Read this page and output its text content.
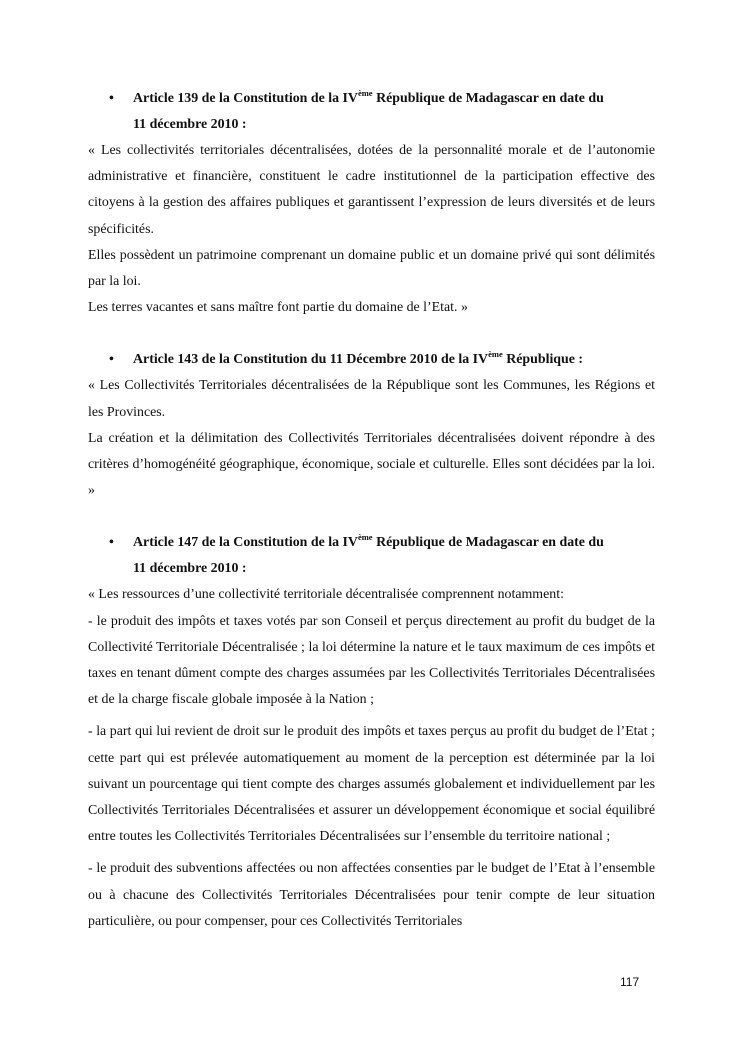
• Article 139 de la Constitution de la IVème République de Madagascar en date du
11 décembre 2010 :

« Les collectivités territoriales décentralisées, dotées de la personnalité morale et de l’autonomie administrative et financière, constituent le cadre institutionnel de la participation effective des citoyens à la gestion des affaires publiques et garantissent l’expression de leurs diversités et de leurs spécificités.

Elles possèdent un patrimoine comprenant un domaine public et un domaine privé qui sont délimités par la loi.

Les terres vacantes et sans maître font partie du domaine de l’Etat. »

• Article 143 de la Constitution du 11 Décembre 2010 de la IVème République :

« Les Collectivités Territoriales décentralisées de la République sont les Communes, les Régions et les Provinces.

La création et la délimitation des Collectivités Territoriales décentralisées doivent répondre à des critères d’homogénéité géographique, économique, sociale et culturelle. Elles sont décidées par la loi. »

• Article 147 de la Constitution de la IVème République de Madagascar en date du
11 décembre 2010 :

« Les ressources d’une collectivité territoriale décentralisée comprennent notamment:

- le produit des impôts et taxes votés par son Conseil et perçus directement au profit du budget de la Collectivité Territoriale Décentralisée ; la loi détermine la nature et le taux maximum de ces impôts et taxes en tenant dûment compte des charges assumées par les Collectivités Territoriales Décentralisées et de la charge fiscale globale imposée à la Nation ;

- la part qui lui revient de droit sur le produit des impôts et taxes perçus au profit du budget de l’Etat ; cette part qui est prélevée automatiquement au moment de la perception est déterminée par la loi suivant un pourcentage qui tient compte des charges assumés globalement et individuellement par les Collectivités Territoriales Décentralisées et assurer un développement économique et social équilibré entre toutes les Collectivités Territoriales Décentralisées sur l’ensemble du territoire national ;

- le produit des subventions affectées ou non affectées consenties par le budget de l’Etat à l’ensemble ou à chacune des Collectivités Territoriales Décentralisées pour tenir compte de leur situation particulière, ou pour compenser, pour ces Collectivités Territoriales

117
